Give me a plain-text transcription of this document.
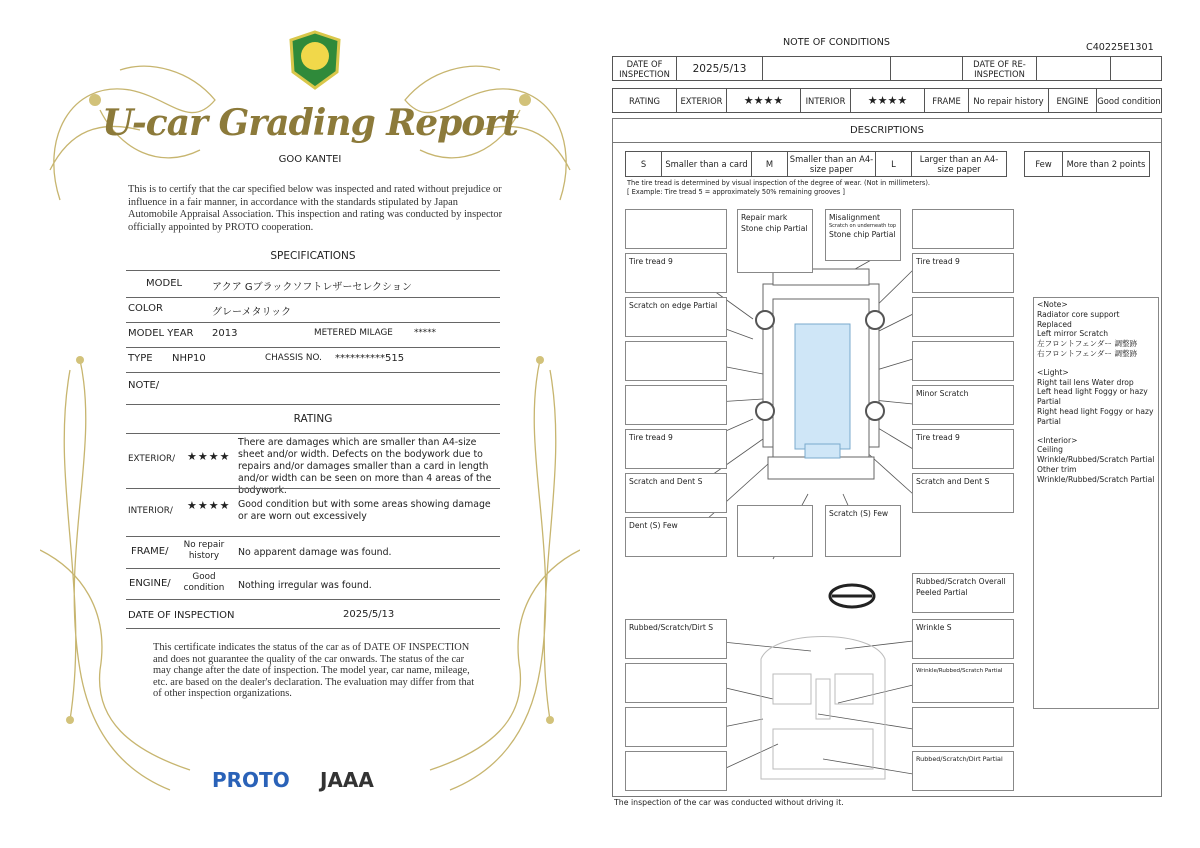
U-car Grading Report
GOO KANTEI
This is to certify that the car specified below was inspected and rated without prejudice or influence in a fair manner, in accordance with the standards stipulated by Japan Automobile Appraisal Association. This inspection and rating was conducted by inspector officially appointed by PROTO cooperation.
SPECIFICATIONS
MODEL	アクア Gブラックソフトレザーセレクション
COLOR	グレーメタリック
MODEL YEAR 2013	METERED MILAGE *****
TYPE NHP10	CHASSIS NO. **********515
NOTE/
RATING
EXTERIOR/ ★★★★
There are damages which are smaller than A4-size sheet and/or width. Defects on the bodywork due to repairs and/or damages smaller than a card in length and/or width can be seen on more than 4 areas of the bodywork.
INTERIOR/ ★★★★ Good condition but with some areas showing damage or are worn out excessively
FRAME/
No repair history	No apparent damage was found.
ENGINE/
Good condition	Nothing irregular was found.
DATE OF INSPECTION	2025/5/13
This certificate indicates the status of the car as of DATE OF INSPECTION and does not guarantee the quality of the car onwards. The status of the car may change after the date of inspection. The model year, car name, mileage, etc. are based on the dealer's declaration. The evaluation may differ from that of other inspection organizations.
PROTO JAAA
NOTE OF CONDITIONS	C40225E1301
DATE OF INSPECTION	2025/5/13	DATE OF RE-INSPECTION
RATING	EXTERIOR	★★★★	INTERIOR	★★★★	FRAME	No repair history	ENGINE	Good condition
DESCRIPTIONS
S	Smaller than a card	M	Smaller than an A4-size paper	L	Larger than an A4-size paper	Few	More than 2 points
The tire tread is determined by visual inspection of the degree of wear. (Not in millimeters).
[ Example: Tire tread 5 = approximately 50% remaining grooves ]
Repair mark
Stone chip Partial
Misalignment
Scratch on underneath top
Stone chip Partial
Tire tread 9	Tire tread 9
Scratch on edge Partial
Minor Scratch
Tire tread 9	Tire tread 9
Scratch and Dent S	Scratch and Dent S
Dent (S) Few
Scratch (S) Few
Rubbed/Scratch Overall
Peeled Partial
Rubbed/Scratch/Dirt S	Wrinkle S
Wrinkle/Rubbed/Scratch Partial
Rubbed/Scratch/Dirt Partial
<Note>
Radiator core support Replaced
Left mirror Scratch
左フロントフェンダー 調整跡
右フロントフェンダー 調整跡
<Light>
Right tail lens Water drop
Left head light Foggy or hazy Partial
Right head light Foggy or hazy Partial
<Interior>
Ceiling
Wrinkle/Rubbed/Scratch Partial
Other trim
Wrinkle/Rubbed/Scratch Partial
The inspection of the car was conducted without driving it.
